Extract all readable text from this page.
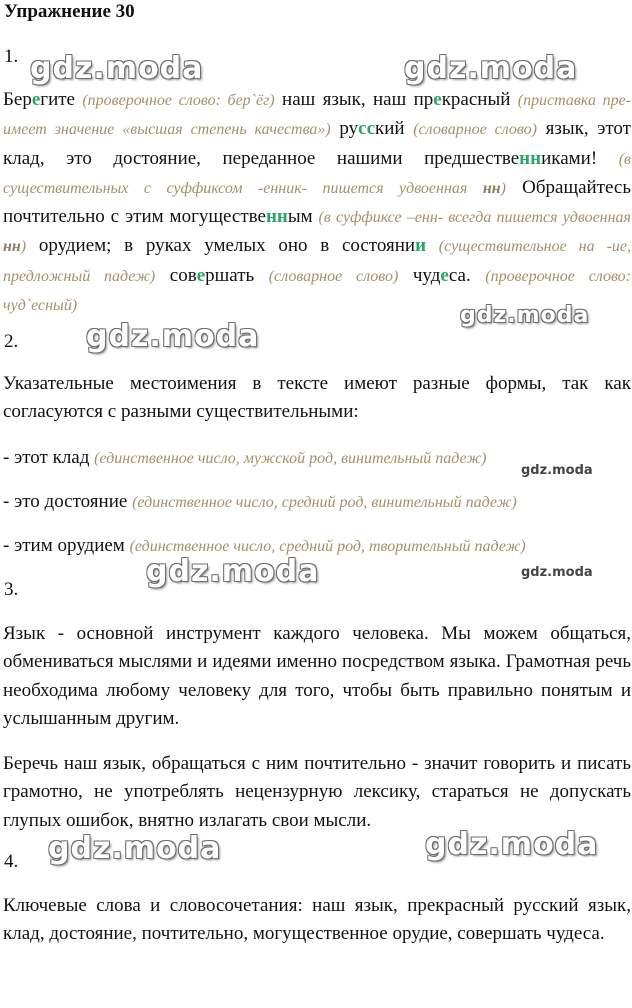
Упражнение 30
1.
Берегите (проверочное слово: бер`ёг) наш язык, наш прекрасный (приставка пре- имеет значение «высшая степень качества») русский (словарное слово) язык, этот клад, это достояние, переданное нашими предшественниками! (в существительных с суффиксом -енник- пишется удвоенная нн) Обращайтесь почтительно с этим могущественным (в суффиксе –енн- всегда пишется удвоенная нн) орудием; в руках умелых оно в состоянии (существительное на -ие, предложный падеж) совершать (словарное слово) чудеса. (проверочное слово: чуд`есный)
2.
Указательные местоимения в тексте имеют разные формы, так как согласуются с разными существительными:
- этот клад (единственное число, мужской род, винительный падеж)
- это достояние (единственное число, средний род, винительный падеж)
- этим орудием (единственное число, средний род, творительный падеж)
3.
Язык - основной инструмент каждого человека. Мы можем общаться, обмениваться мыслями и идеями именно посредством языка. Грамотная речь необходима любому человеку для того, чтобы быть правильно понятым и услышанным другим.
Беречь наш язык, обращаться с ним почтительно - значит говорить и писать грамотно, не употреблять нецензурную лексику, стараться не допускать глупых ошибок, внятно излагать свои мысли.
4.
Ключевые слова и словосочетания: наш язык, прекрасный русский язык, клад, достояние, почтительно, могущественное орудие, совершать чудеса.
gdz.moda	gdz.moda
gdz.moda
gdz.moda
gdz.moda
gdz.moda	gdz.moda
gdz.moda	gdz.moda
